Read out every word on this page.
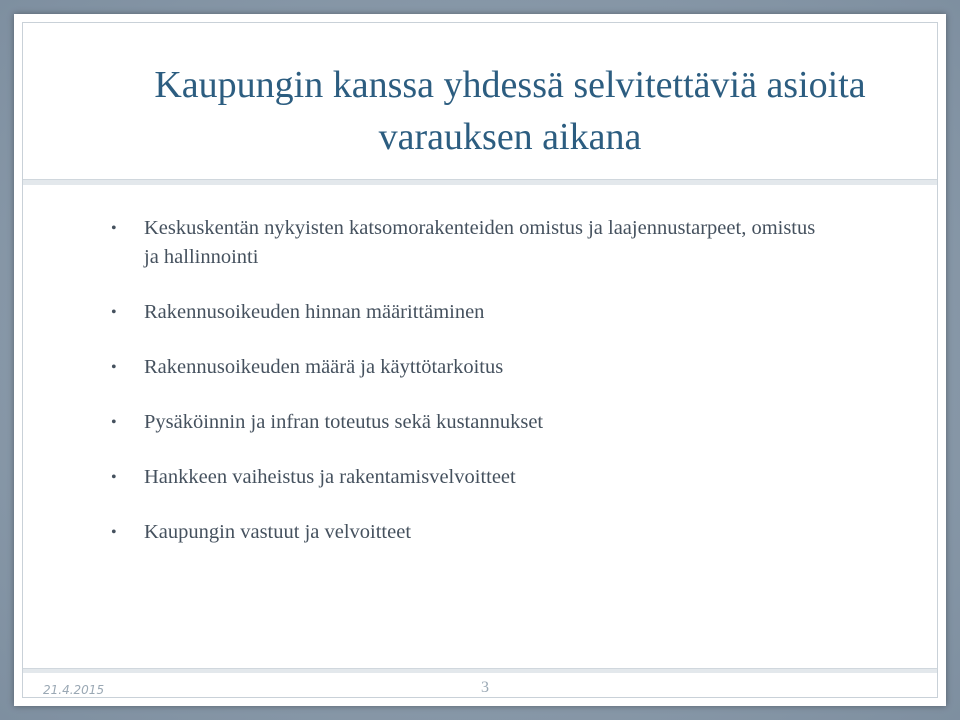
Kaupungin kanssa yhdessä selvitettäviä asioita varauksen aikana
• Keskuskentän nykyisten katsomorakenteiden omistus ja laajennustarpeet, omistus ja hallinnointi
• Rakennusoikeuden hinnan määrittäminen
• Rakennusoikeuden määrä ja käyttötarkoitus
• Pysäköinnin ja infran toteutus sekä kustannukset
• Hankkeen vaiheistus ja rakentamisvelvoitteet
• Kaupungin vastuut ja velvoitteet
21.4.2015	3
